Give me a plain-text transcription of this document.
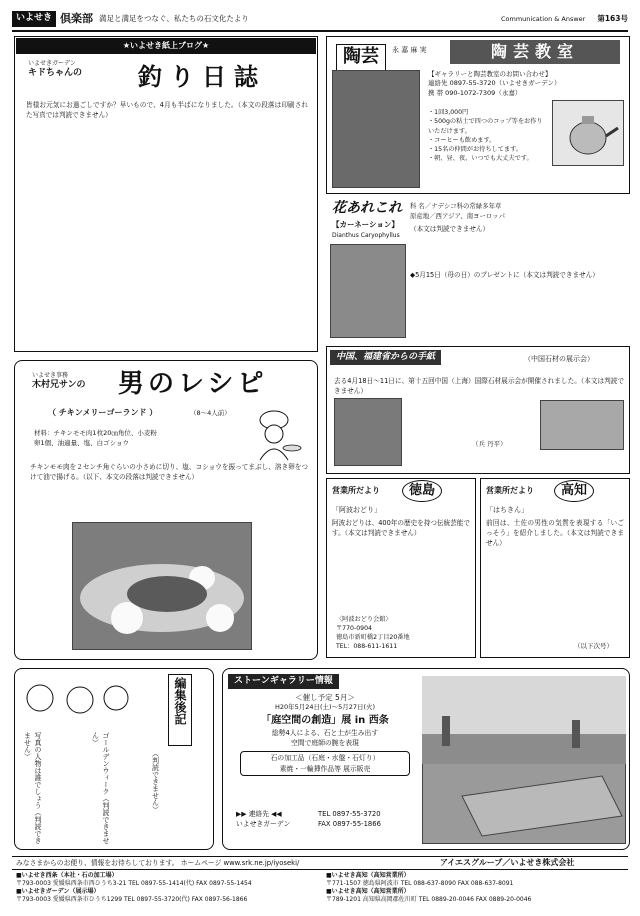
いよせき 倶楽部 満足と満足をつなぐ、私たちの石文化たより	Communication & Answer 第163号
★いよせき紙上ブログ★
いよせきガーデン
キドちゃんの 釣り日誌
皆様お元気にお過ごしですか？早いもので、4月も半ばになりました。（本文の段落は印刷された写真では判読できません）
いよせき事務
木村兄サンの 男のレシピ
（ チキンメリーゴーランド ）	（8～4人前）
材料：チキンモモ肉1枚20㎝角位、小麦粉
卵1個、油適量、塩、白ゴショウ
チキンモモ肉を２センチ角ぐらいの小さめに切り、塩、コショウを振ってまぶし、溶き卵をつけて油で揚げる。（以下、本文の段落は判読できません）
陶芸	永 嘉 麻 実	陶芸教室
【ギャラリーと陶芸教室のお問い合わせ】
連絡先 0897-55-3720（いよせきガーデン）
携 帯 090-1072-7309（永嘉）
・1回3,000円
・500gの粘土で四つのコップ等をお作りいただけます。
・コーヒーも飲めます。
・15名の仲間がお待ちしてます。
・朝、昼、夜、いつでも大丈夫です。
花あれこれ
【カーネーション】
Dianthus Caryophyllus
科 名／ナデシコ科の常緑多年草
原産地／西アジア、南ヨーロッパ
（本文は判読できません）
◆5月15日（母の日）のプレゼントに（本文は判読できません）
中国、福建省からの手紙	（中国石材の展示会）
去る4月18日～11日に、第十五回中国（上海）国際石材展示会が開催されました。（本文は判読できません）
（兵 丹平）
営業所だより	徳島
「阿波おどり」
阿波おどりは、400年の歴史を持つ伝統芸能です。（本文は判読できません）
〈阿波おどり会館〉
〒770-0904
徳島市新町橋2丁目20番地
TEL：088-611-1611
営業所だより	高知
「はちきん」
前回は、土佐の男性の気質を表現する「いごっそう」を紹介しました。（本文は判読できません）
（以下次号）
編集後記
写真の人物は誰でしょう（判読できません）	ゴールデンウィーク（判読できません）
（判読できません）
ストーンギャラリー情報
＜催し予定 5月＞
H20年5月24日(土)～5月27日(火)
「庭空間の創造」展 in 西条
総勢4人による、石と土が生み出す
空間で庭師の腕を表現
石の加工品（石庭・水盤・石灯り）
素焼・一輪挿作品等 展示販売
▶▶ 連絡先 ◀◀
いよせきガーデン
TEL 0897-55-3720
FAX 0897-55-1866
みなさまからのお便り、情報をお待ちしております。 ホームページ www.srk.ne.jp/iyoseki/	アイエスグループ／いよせき株式会社
■いよせき西条（本社・石の加工場）
〒793-0003 愛媛県西条市西ひうち3-21 TEL 0897-55-1414(代) FAX 0897-55-1454
■いよせきガーデン（展示場）
〒793-0003 愛媛県西条市ひうち1299 TEL 0897-55-3720(代) FAX 0897-56-1866
■いよせき高知（高知営業所）
〒771-1507 徳島県阿波市 TEL 088-637-8090 FAX 088-637-8091
■いよせき高知（高知営業所）
〒789-1201 高知県高岡郡佐川町 TEL 0889-20-0046 FAX 0889-20-0046
